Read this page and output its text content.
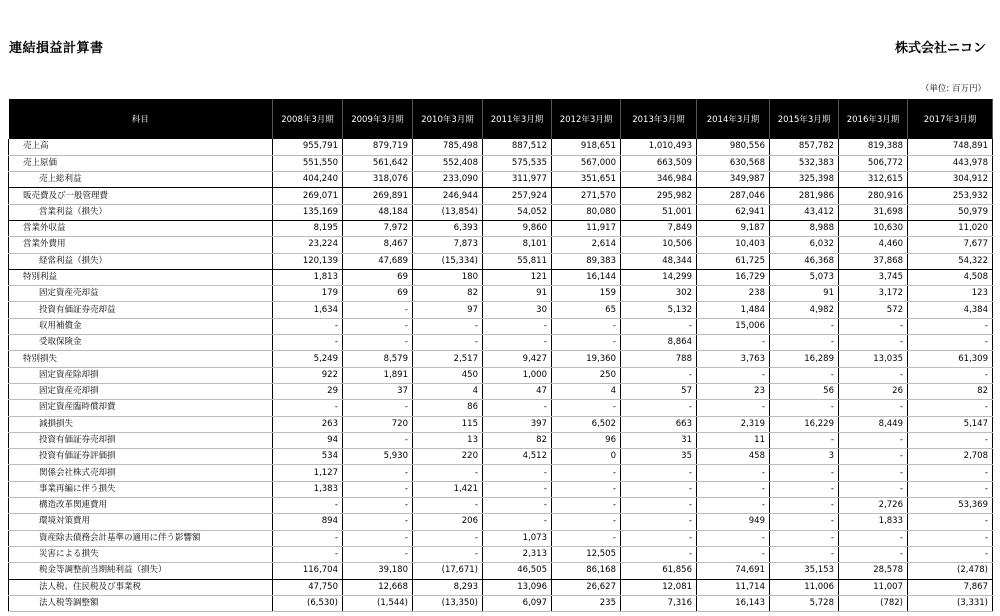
連結損益計算書	株式会社ニコン
（単位: 百万円）
科目	2008年3月期	2009年3月期	2010年3月期	2011年3月期	2012年3月期	2013年3月期	2014年3月期	2015年3月期	2016年3月期	2017年3月期
売上高	955,791	879,719	785,498	887,512	918,651	1,010,493	980,556	857,782	819,388	748,891
売上原価	551,550	561,642	552,408	575,535	567,000	663,509	630,568	532,383	506,772	443,978
売上総利益	404,240	318,076	233,090	311,977	351,651	346,984	349,987	325,398	312,615	304,912
販売費及び一般管理費	269,071	269,891	246,944	257,924	271,570	295,982	287,046	281,986	280,916	253,932
営業利益（損失）	135,169	48,184	(13,854)	54,052	80,080	51,001	62,941	43,412	31,698	50,979
営業外収益	8,195	7,972	6,393	9,860	11,917	7,849	9,187	8,988	10,630	11,020
営業外費用	23,224	8,467	7,873	8,101	2,614	10,506	10,403	6,032	4,460	7,677
経常利益（損失）	120,139	47,689	(15,334)	55,811	89,383	48,344	61,725	46,368	37,868	54,322
特別利益	1,813	69	180	121	16,144	14,299	16,729	5,073	3,745	4,508
固定資産売却益	179	69	82	91	159	302	238	91	3,172	123
投資有価証券売却益	1,634	-	97	30	65	5,132	1,484	4,982	572	4,384
収用補償金	-	-	-	-	-	-	15,006	-	-	-
受取保険金	-	-	-	-	-	8,864	-	-	-	-
特別損失	5,249	8,579	2,517	9,427	19,360	788	3,763	16,289	13,035	61,309
固定資産除却損	922	1,891	450	1,000	250	-	-	-	-	-
固定資産売却損	29	37	4	47	4	57	23	56	26	82
固定資産臨時償却費	-	-	86	-	-	-	-	-	-	-
減損損失	263	720	115	397	6,502	663	2,319	16,229	8,449	5,147
投資有価証券売却損	94	-	13	82	96	31	11	-	-	-
投資有価証券評価損	534	5,930	220	4,512	0	35	458	3	-	2,708
関係会社株式売却損	1,127	-	-	-	-	-	-	-	-	-
事業再編に伴う損失	1,383	-	1,421	-	-	-	-	-	-	-
構造改革関連費用	-	-	-	-	-	-	-	-	2,726	53,369
環境対策費用	894	-	206	-	-	-	949	-	1,833	-
資産除去債務会計基準の適用に伴う影響額	-	-	-	1,073	-	-	-	-	-	-
災害による損失	-	-	-	2,313	12,505	-	-	-	-	-
税金等調整前当期純利益（損失）	116,704	39,180	(17,671)	46,505	86,168	61,856	74,691	35,153	28,578	(2,478)
法人税、住民税及び事業税	47,750	12,668	8,293	13,096	26,627	12,081	11,714	11,006	11,007	7,867
法人税等調整額	(6,530)	(1,544)	(13,350)	6,097	235	7,316	16,143	5,728	(782)	(3,331)
